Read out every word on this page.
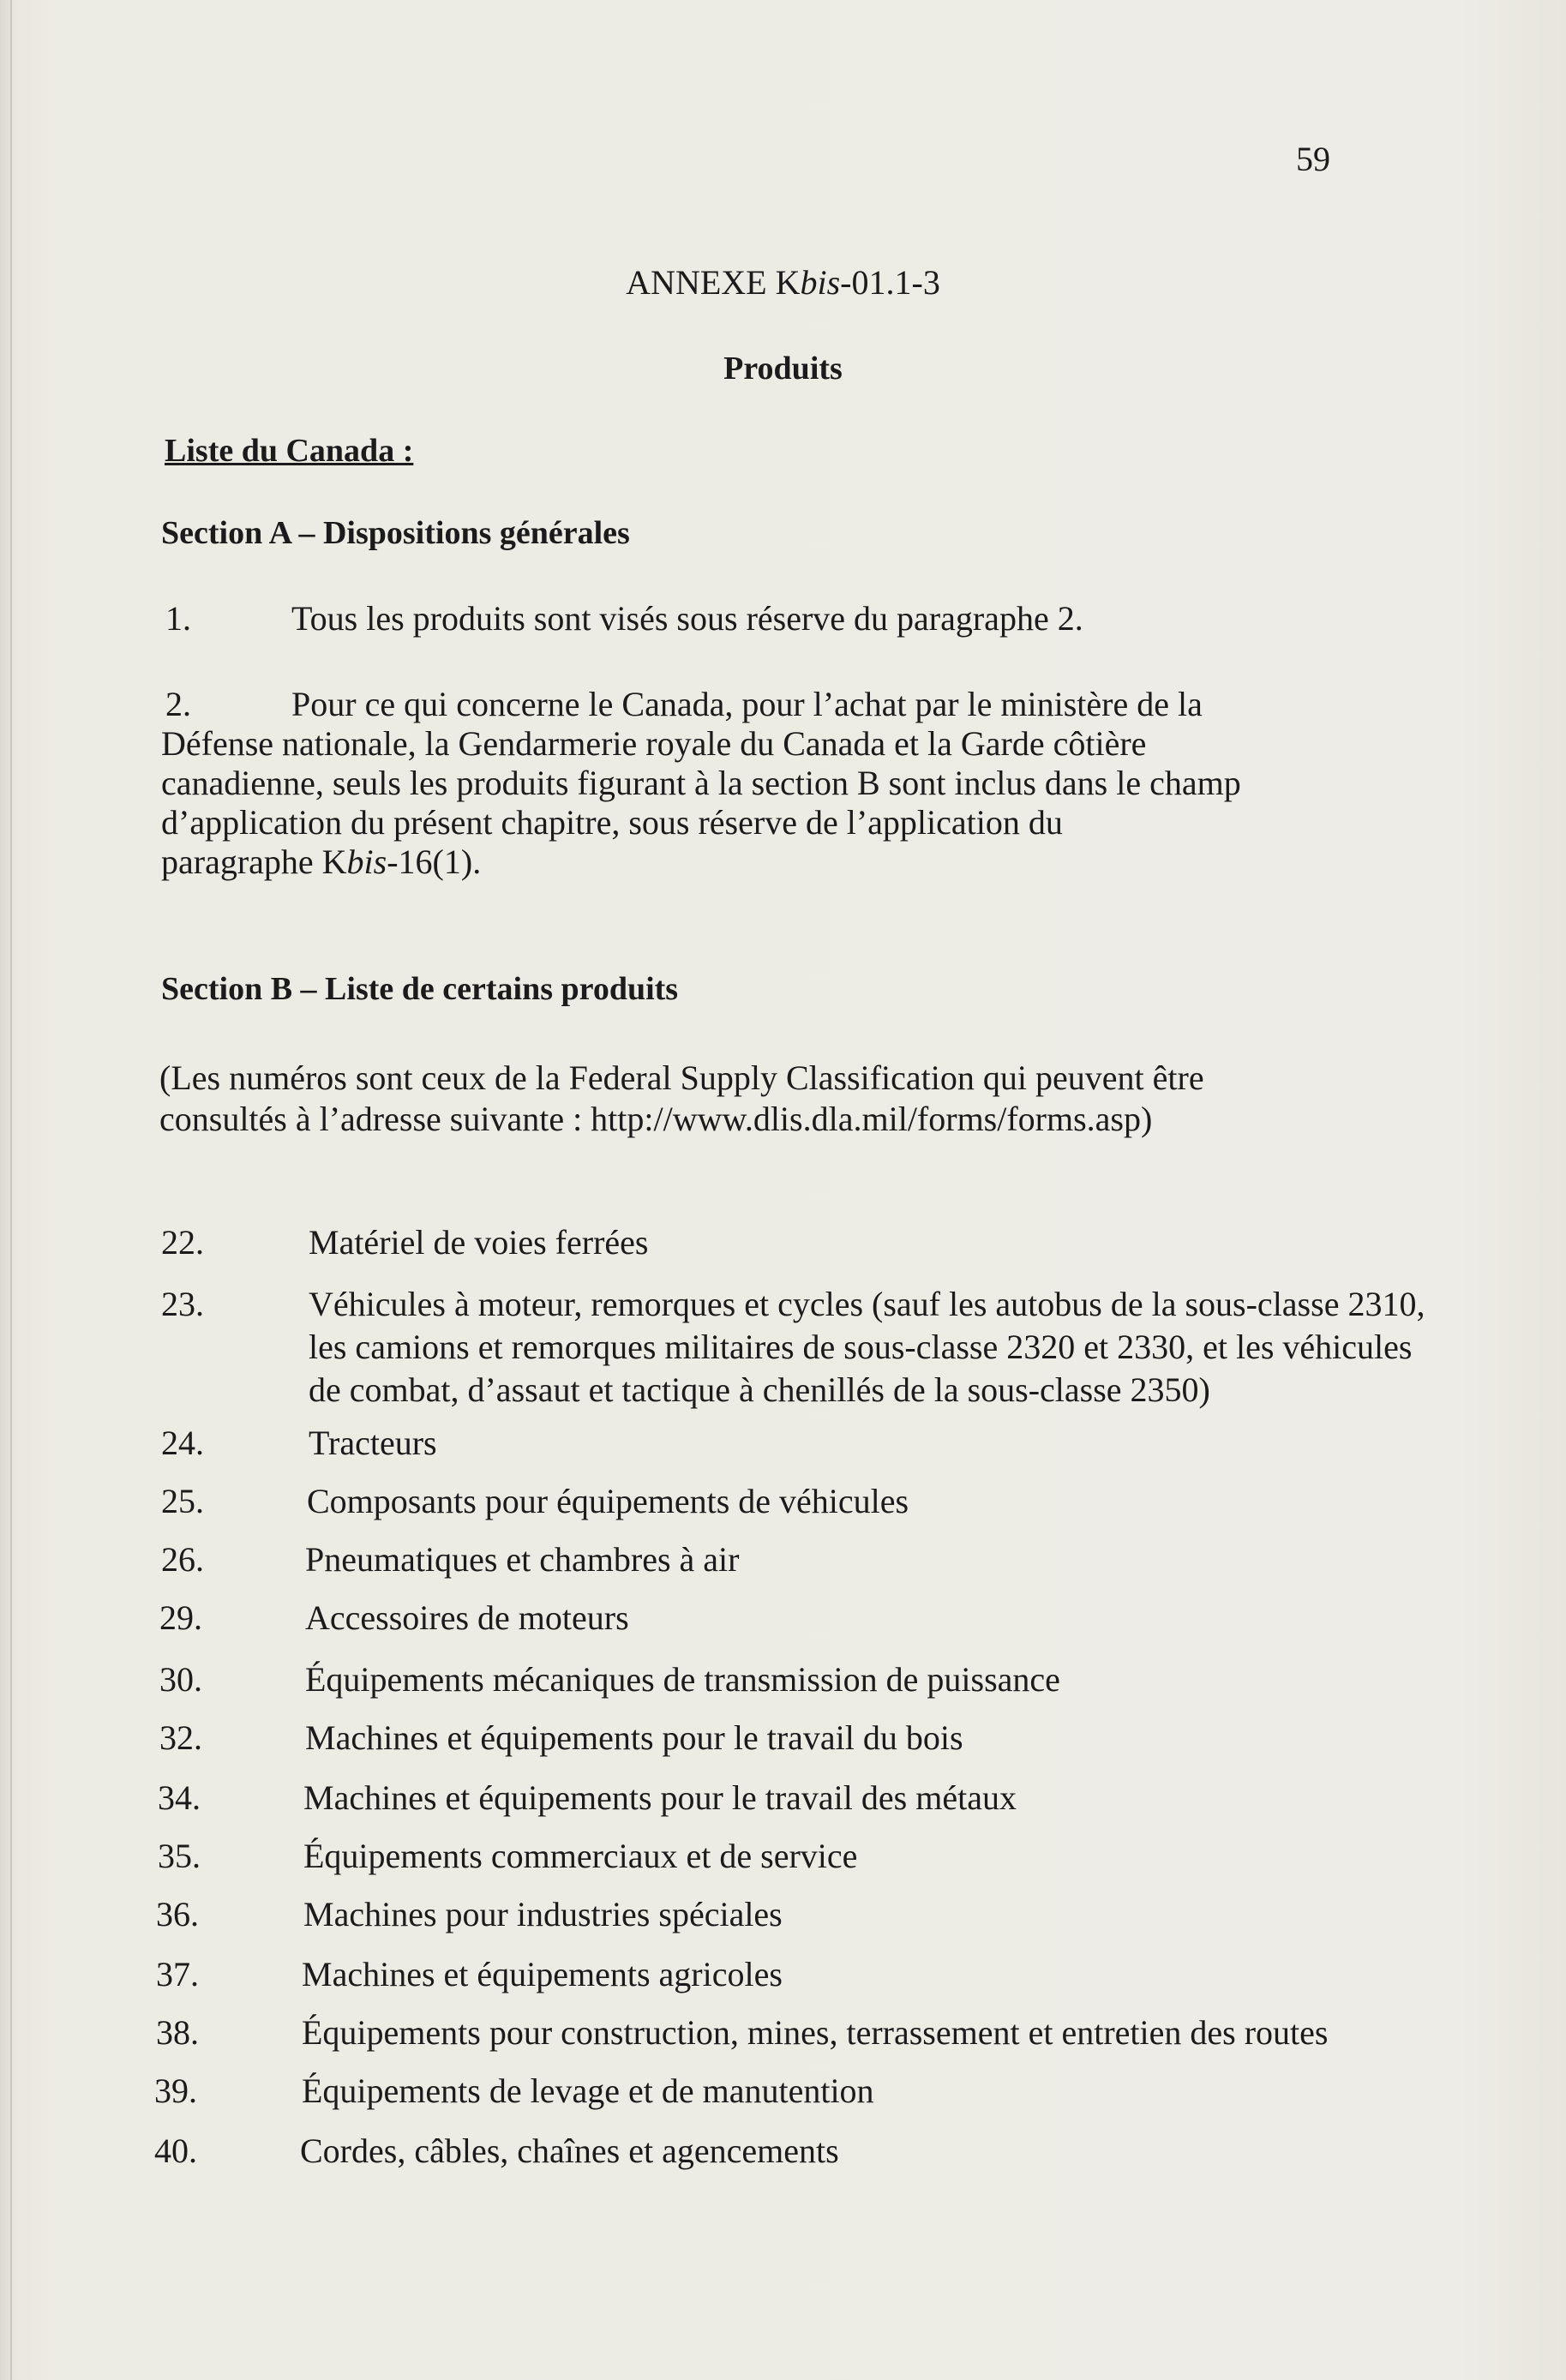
59
ANNEXE Kbis-01.1-3
Produits
Liste du Canada :
Section A – Dispositions générales
1.	Tous les produits sont visés sous réserve du paragraphe 2.
2.	Pour ce qui concerne le Canada, pour l’achat par le ministère de la
Défense nationale, la Gendarmerie royale du Canada et la Garde côtière
canadienne, seuls les produits figurant à la section B sont inclus dans le champ
d’application du présent chapitre, sous réserve de l’application du
paragraphe Kbis-16(1).
Section B – Liste de certains produits
(Les numéros sont ceux de la Federal Supply Classification qui peuvent être
consultés à l’adresse suivante : http://www.dlis.dla.mil/forms/forms.asp)
22.	Matériel de voies ferrées
23.	Véhicules à moteur, remorques et cycles (sauf les autobus de la sous-classe 2310,
les camions et remorques militaires de sous-classe 2320 et 2330, et les véhicules
de combat, d’assaut et tactique à chenillés de la sous-classe 2350)
24.	Tracteurs
25.	Composants pour équipements de véhicules
26.	Pneumatiques et chambres à air
29.	Accessoires de moteurs
30.	Équipements mécaniques de transmission de puissance
32.	Machines et équipements pour le travail du bois
34.	Machines et équipements pour le travail des métaux
35.	Équipements commerciaux et de service
36.	Machines pour industries spéciales
37.	Machines et équipements agricoles
38.	Équipements pour construction, mines, terrassement et entretien des routes
39.	Équipements de levage et de manutention
40.	Cordes, câbles, chaînes et agencements
